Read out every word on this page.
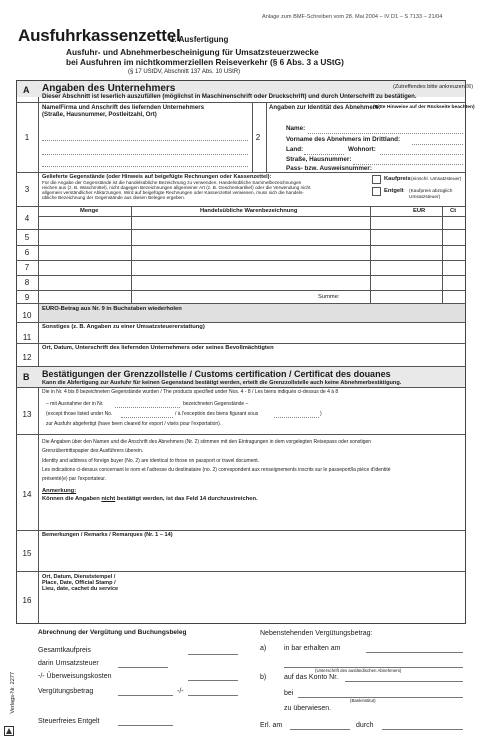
Anlage zum BMF-Schreiben vom 28. Mai 2004 – IV D1 – S 7133 – 21/04
Ausfuhrkassenzettel
1. Ausfertigung
Ausfuhr- und Abnehmerbescheinigung für Umsatzsteuerzwecke
bei Ausfuhren im nichtkommerziellen Reiseverkehr (§ 6 Abs. 3 a UStG)
(§ 17 UStDV, Abschnitt 137 Abs. 10 UStR)
A Angaben des Unternehmers	(Zutreffendes bitte ankreuzen ☒)
Dieser Abschnitt ist leserlich auszufüllen (möglichst in Maschinenschrift oder Druckschrift) und durch Unterschrift zu bestätigen.
1
Name/Firma und Anschrift des liefernden Unternehmers
(Straße, Hausnummer, Postleitzahl, Ort)
2
Angaben zur Identität des Abnehmers:
(Bitte Hinweise auf der Rückseite beachten)
Name:
Vorname des Abnehmers im Drittland:
Land:	Wohnort:
Straße, Hausnummer:
Pass- bzw. Ausweisnummer:
3
Gelieferte Gegenstände (oder Hinweis auf beigefügte Rechnungen oder Kassenzettel):
Für die Angabe der Gegenstände ist die handelsübliche Bezeichnung zu verwenden. Handelsübliche Sammelbezeichnungen
reichen aus (z. B. Waschmittel), nicht dagegen Bezeichnungen allgemeiner Art (z. B. Geschenkartikel) oder die Verwendung nicht
allgemein verständlicher Abkürzungen. Wird auf beigefügte Rechnungen oder Kassenzettel verwiesen, muss sich die handels-
übliche Bezeichnung der Gegenstände aus diesen Belegen ergeben.
Kaufpreis (einschl. Umsatzsteuer)
Entgelt (Kaufpreis abzüglich Umsatzsteuer)
4
Menge	Handelsübliche Warenbezeichnung	EUR	Ct
5
6
7
8
9	Summe:
10
EURO-Betrag aus Nr. 9 in Buchstaben wiederholen
11
Sonstiges (z. B. Angaben zu einer Umsatzsteuererstattung)
12
Ort, Datum, Unterschrift des liefernden Unternehmers oder seines Bevollmächtigten
B Bestätigungen der Grenzzollstelle / Customs certification / Certificat des douanes
Kann die Abfertigung zur Ausfuhr für keinen Gegenstand bestätigt werden, erteilt die Grenzzollstelle auch keine Abnehmerbestätigung.
13
Die in Nr. 4 bis 8 bezeichneten Gegenstände wurden / The products specified under Nos. 4 - 8 / Les biens indiqués ci-dessus de 4 à 8
– mit Ausnahme der in Nr.	bezeichneten Gegenstände –
(except those listed under No.	/ à l'exception des biens figurant sous	)
zur Ausfuhr abgefertigt (have been cleared for export / visés pour l'exportation).
14
Die Angaben über den Namen und die Anschrift des Abnehmers (Nr. 2) stimmen mit den Eintragungen in dem vorgelegten Reisepass oder sonstigen
Grenzübertrittspapier des Ausführers überein.
Identity and address of foreign buyer (No. 2) are identical to those on passport or travel document.
Les indications ci-dessus concernant le nom et l'adresse du destinataire (no. 2) correspondent aux renseignements inscrits sur le passeport/la pièce d'identité
présenté(e) par l'exportateur.
Anmerkung:
Können die Angaben nicht bestätigt werden, ist das Feld 14 durchzustreichen.
15
Bemerkungen / Remarks / Remarques (Nr. 1 – 14)
16
Ort, Datum, Dienststempel /
Place, Date, Official Stamp /
Lieu, date, cachet du service
Abrechnung der Vergütung und Buchungsbeleg
Gesamtkaufpreis
darin Umsatzsteuer
-/- Überweisungskosten
Vergütungsbetrag	-/-
Steuerfreies Entgelt
Nebenstehenden Vergütungsbetrag:
a)	in bar erhalten am
(Unterschrift des ausländischen Abnehmers)
b)	auf das Konto Nr.
bei
(Bankinstitut)
zu überwiesen.
Erl. am	durch
Verlags-Nr. 2277
